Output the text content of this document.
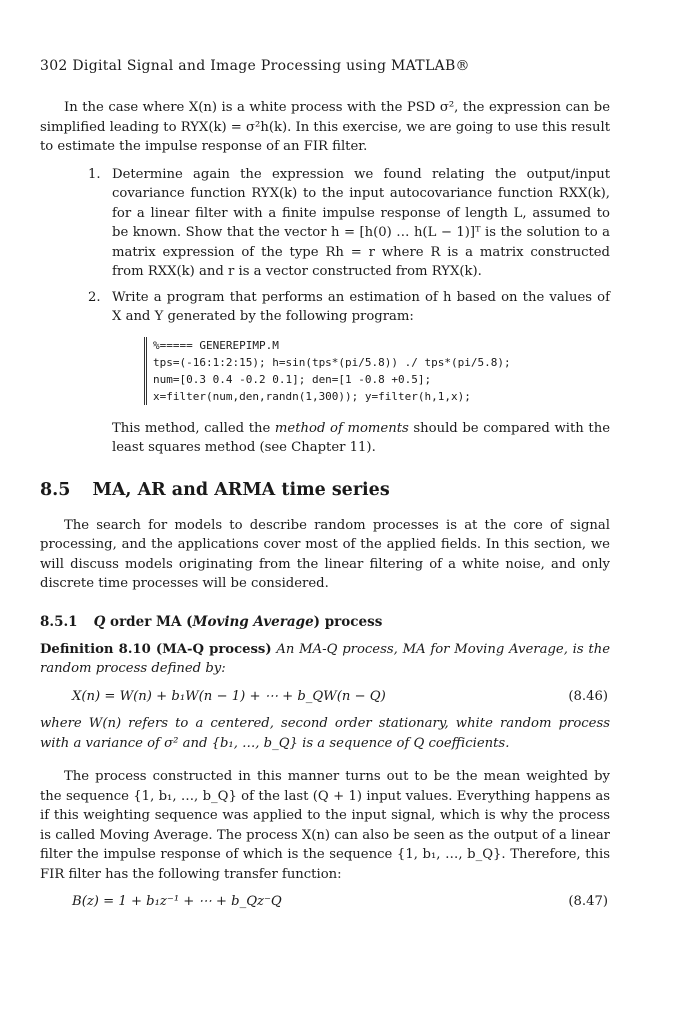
302 Digital Signal and Image Processing using MATLAB®

In the case where X(n) is a white process with the PSD σ², the expression can be simplified leading to RYX(k) = σ²h(k). In this exercise, we are going to use this result to estimate the impulse response of an FIR filter.

1. Determine again the expression we found relating the output/input covariance function RYX(k) to the input autocovariance function RXX(k), for a linear filter with a finite impulse response of length L, assumed to be known. Show that the vector h = [h(0) … h(L − 1)]ᵀ is the solution to a matrix expression of the type Rh = r where R is a matrix constructed from RXX(k) and r is a vector constructed from RYX(k).

2. Write a program that performs an estimation of h based on the values of X and Y generated by the following program:

%===== GENEREPIMP.M
tps=(-16:1:2:15); h=sin(tps*(pi/5.8)) ./ tps*(pi/5.8);
num=[0.3 0.4 -0.2 0.1]; den=[1 -0.8 +0.5];
x=filter(num,den,randn(1,300)); y=filter(h,1,x);

This method, called the method of moments should be compared with the least squares method (see Chapter 11).

8.5 MA, AR and ARMA time series

The search for models to describe random processes is at the core of signal processing, and the applications cover most of the applied fields. In this section, we will discuss models originating from the linear filtering of a white noise, and only discrete time processes will be considered.

8.5.1 Q order MA (Moving Average) process

Definition 8.10 (MA-Q process) An MA-Q process, MA for Moving Average, is the random process defined by:

X(n) = W(n) + b₁W(n − 1) + ⋯ + b_QW(n − Q)	(8.46)

where W(n) refers to a centered, second order stationary, white random process with a variance of σ² and {b₁, …, b_Q} is a sequence of Q coefficients.

The process constructed in this manner turns out to be the mean weighted by the sequence {1, b₁, …, b_Q} of the last (Q + 1) input values. Everything happens as if this weighting sequence was applied to the input signal, which is why the process is called Moving Average. The process X(n) can also be seen as the output of a linear filter the impulse response of which is the sequence {1, b₁, …, b_Q}. Therefore, this FIR filter has the following transfer function:

B(z) = 1 + b₁z⁻¹ + ⋯ + b_Qz⁻Q	(8.47)
